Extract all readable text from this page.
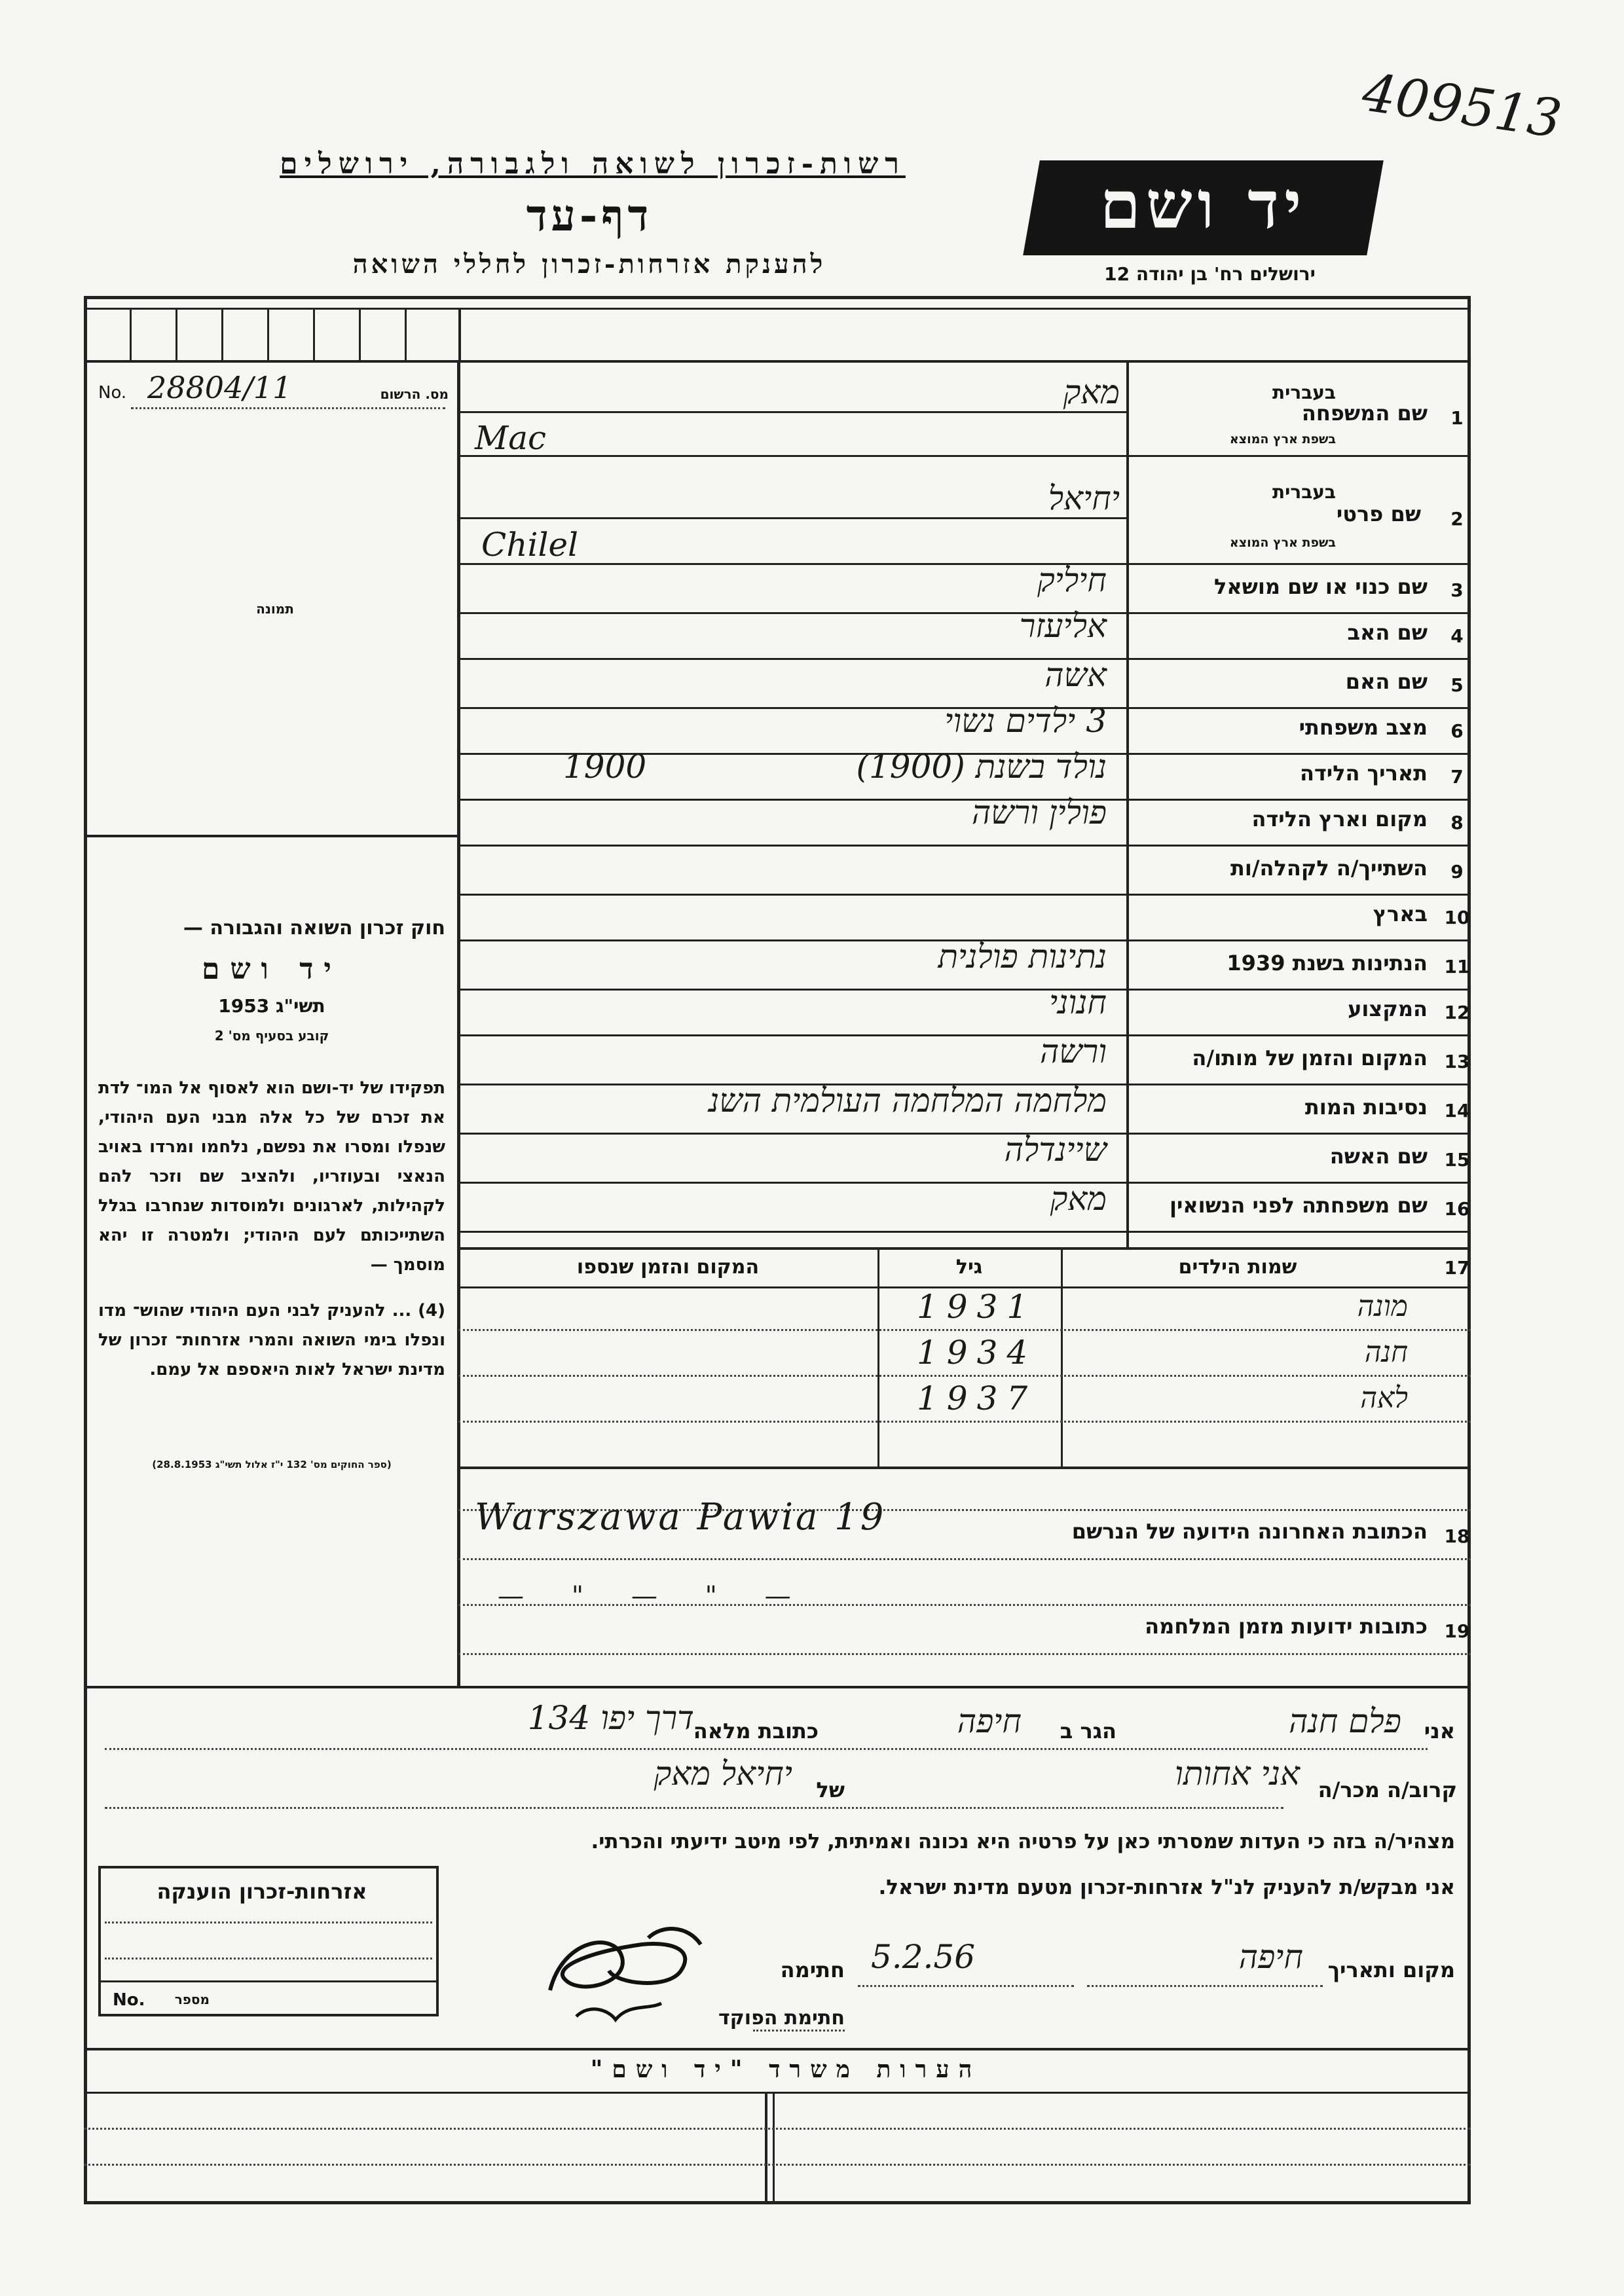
409513
רשות-זכרון לשואה ולגבורה, ירושלים
דף-עד
להענקת אזרחות-זכרון לחללי השואה
יד ושם
ירושלים רח' בן יהודה 12
No. 28804/11	מס. הרשום
תמונה
חוק זכרון השואה והגבורה —
יד ושם
תשי"ג 1953
קובע בסעיף מס' 2
תפקידו של יד-ושם הוא לאסוף אל המו־ לדת את זכרם של כל אלה מבני העם היהודי, שנפלו ומסרו את נפשם, נלחמו ומרדו באויב הנאצי ובעוזריו, ולהציב שם וזכר להם לקהילות, לארגונים ולמוסדות שנחרבו בגלל השתייכותם לעם היהודי; ולמטרה זו יהא מוסמך —
(4) ... להעניק לבני העם היהודי שהוש־ מדו ונפלו בימי השואה והמרי אזרחות־ זכרון של מדינת ישראל לאות היאספם אל עמם.
(ספר החוקים מס' 132 י"ז אלול תשי"ג 28.8.1953)
1
שם המשפחה
בעברית
בשפת ארץ המוצא
מאק
Mac
2
שם פרטי
בעברית
בשפת ארץ המוצא
יחיאל
Chilel
3
שם כנוי או שם מושאל
חיליק
4
שם האב
אליעזר
5
שם האם
אשה
6
מצב משפחתי
3 ילדים נשוי
7
תאריך הלידה
נולד בשנת (1900)
1900
8
מקום וארץ הלידה
פולין ורשה
9
השתייך/ה לקהלה/ות
10
בארץ
11
הנתינות בשנת 1939
נתינות פולנית
12
המקצוע
חנוני
13
המקום והזמן של מותו/ה
ורשה
14
נסיבות המות
מלחמה המלחמה העולמית השנ
15
שם האשה
שיינדלה
16
שם משפחתה לפני הנשואין
מאק
17
שמות הילדים
גיל
המקום והזמן שנספו
מונה
1931
חנה
1934
לאה
1937
18
הכתובת האחרונה הידועה של הנרשם
Warszawa Pawia 19
19
כתובות ידועות מזמן המלחמה
— " — " —
אני
פלם חנה
הגר ב
חיפה
כתובת מלאה
דרך יפו 134
קרוב/ה מכר/ה
אני אחותו
של
יחיאל מאק
מצהיר/ה בזה כי העדות שמסרתי כאן על פרטיה היא נכונה ואמיתית, לפי מיטב ידיעתי והכרתי.
אני מבקש/ת להעניק לנ"ל אזרחות-זכרון מטעם מדינת ישראל.
מקום ותאריך
חיפה
5.2.56
חתימה
חתימת הפוקד
אזרחות-זכרון הוענקה
No.	מספר
הערות משרד "יד ושם"
